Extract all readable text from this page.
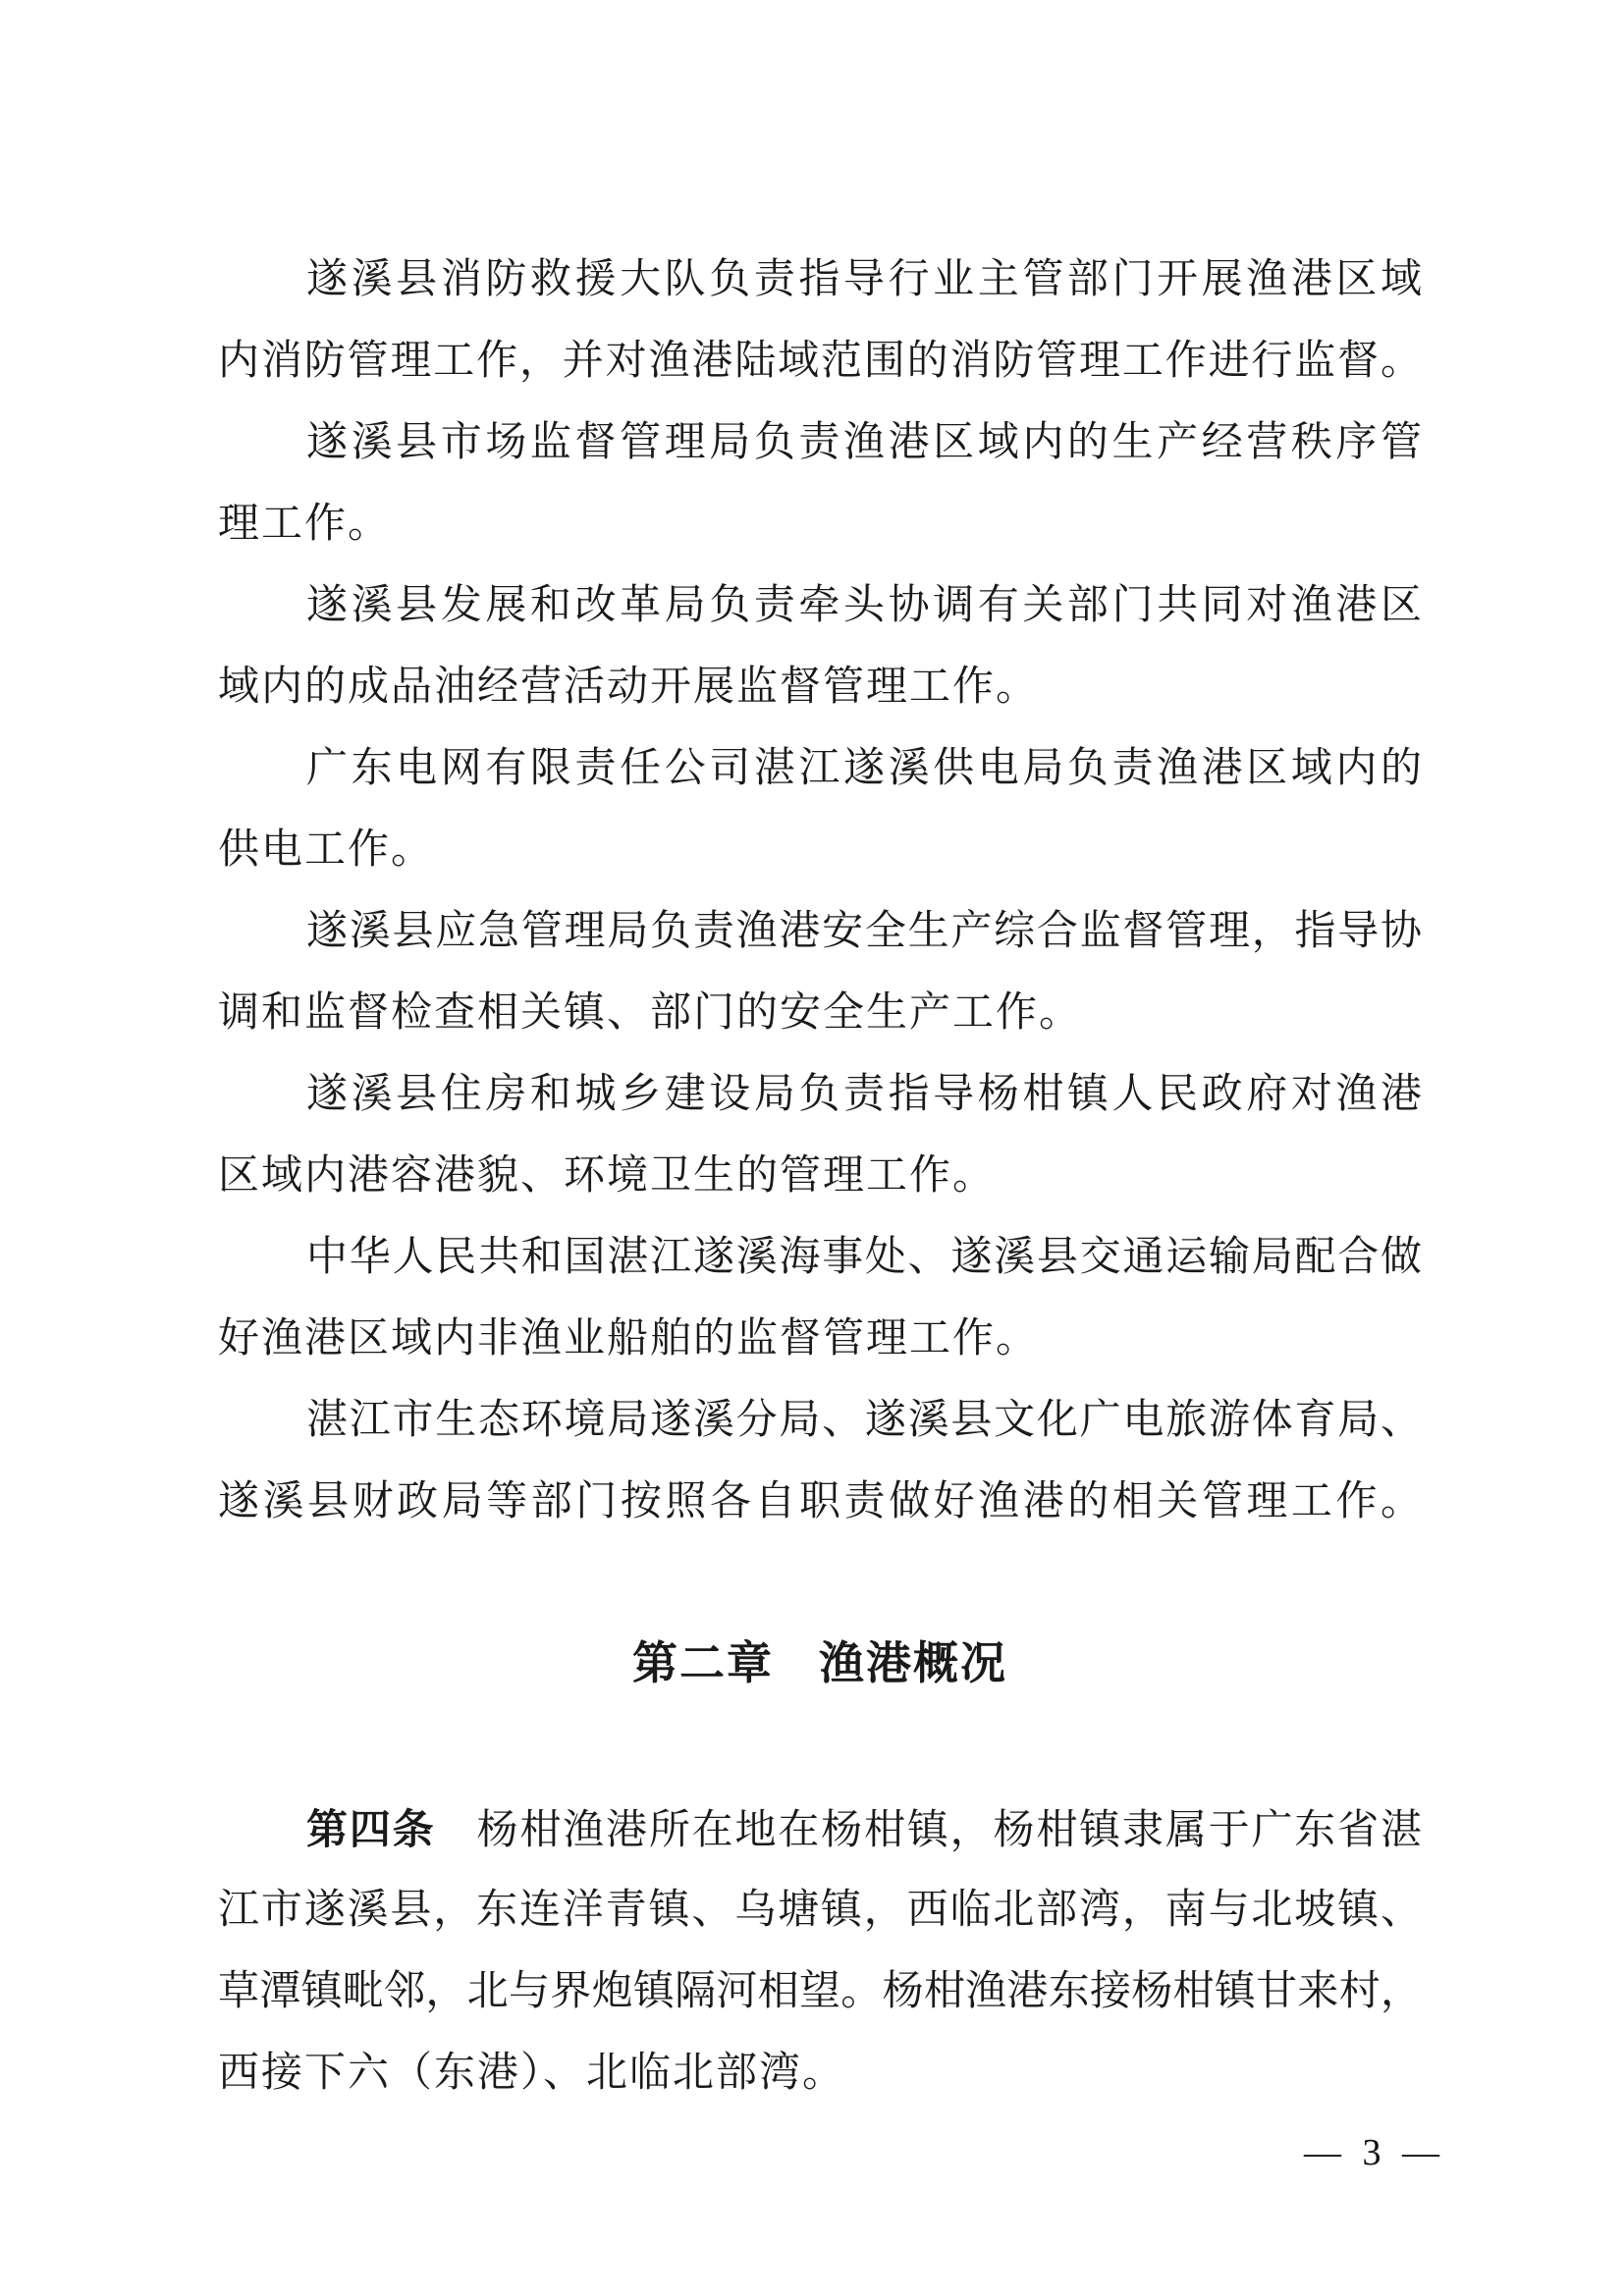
遂溪县消防救援大队负责指导行业主管部门开展渔港区域
内消防管理工作，并对渔港陆域范围的消防管理工作进行监督。
遂溪县市场监督管理局负责渔港区域内的生产经营秩序管
理工作。
遂溪县发展和改革局负责牵头协调有关部门共同对渔港区
域内的成品油经营活动开展监督管理工作。
广东电网有限责任公司湛江遂溪供电局负责渔港区域内的
供电工作。
遂溪县应急管理局负责渔港安全生产综合监督管理，指导协
调和监督检查相关镇、部门的安全生产工作。
遂溪县住房和城乡建设局负责指导杨柑镇人民政府对渔港
区域内港容港貌、环境卫生的管理工作。
中华人民共和国湛江遂溪海事处、遂溪县交通运输局配合做
好渔港区域内非渔业船舶的监督管理工作。
湛江市生态环境局遂溪分局、遂溪县文化广电旅游体育局、
遂溪县财政局等部门按照各自职责做好渔港的相关管理工作。
第二章 渔港概况
第四条 杨柑渔港所在地在杨柑镇，杨柑镇隶属于广东省湛
江市遂溪县，东连洋青镇、乌塘镇，西临北部湾，南与北坡镇、
草潭镇毗邻，北与界炮镇隔河相望。杨柑渔港东接杨柑镇甘来村，
西接下六（东港）、北临北部湾。
— 3 —
